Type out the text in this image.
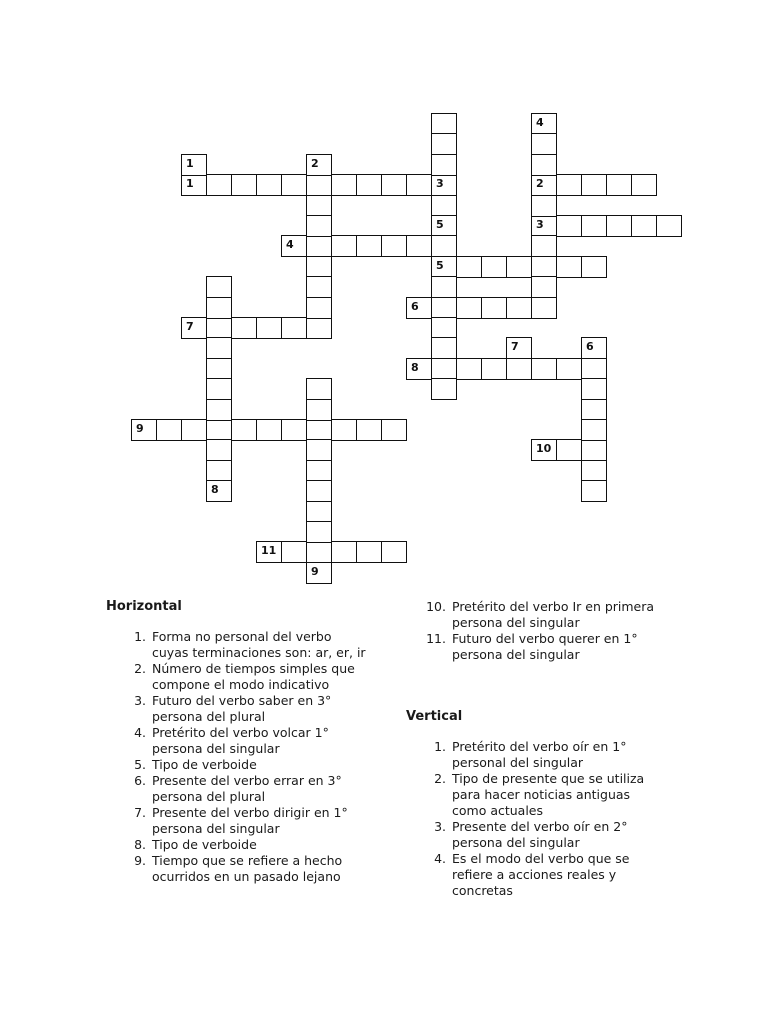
1	3	2
3
4
5
6
7
8
9
10
11
1	2
5
4
8
9
7	6
Horizontal
1. Forma no personal del verbo cuyas terminaciones son: ar, er, ir
2. Número de tiempos simples que compone el modo indicativo
3. Futuro del verbo saber en 3° persona del plural
4. Pretérito del verbo volcar 1° persona del singular
5. Tipo de verboide
6. Presente del verbo errar en 3° persona del plural
7. Presente del verbo dirigir en 1° persona del singular
8. Tipo de verboide
9. Tiempo que se refiere a hecho ocurridos en un pasado lejano
10. Pretérito del verbo Ir en primera persona del singular
11. Futuro del verbo querer en 1° persona del singular
Vertical
1. Pretérito del verbo oír en 1° personal del singular
2. Tipo de presente que se utiliza para hacer noticias antiguas como actuales
3. Presente del verbo oír en 2° persona del singular
4. Es el modo del verbo que se refiere a acciones reales y concretas
